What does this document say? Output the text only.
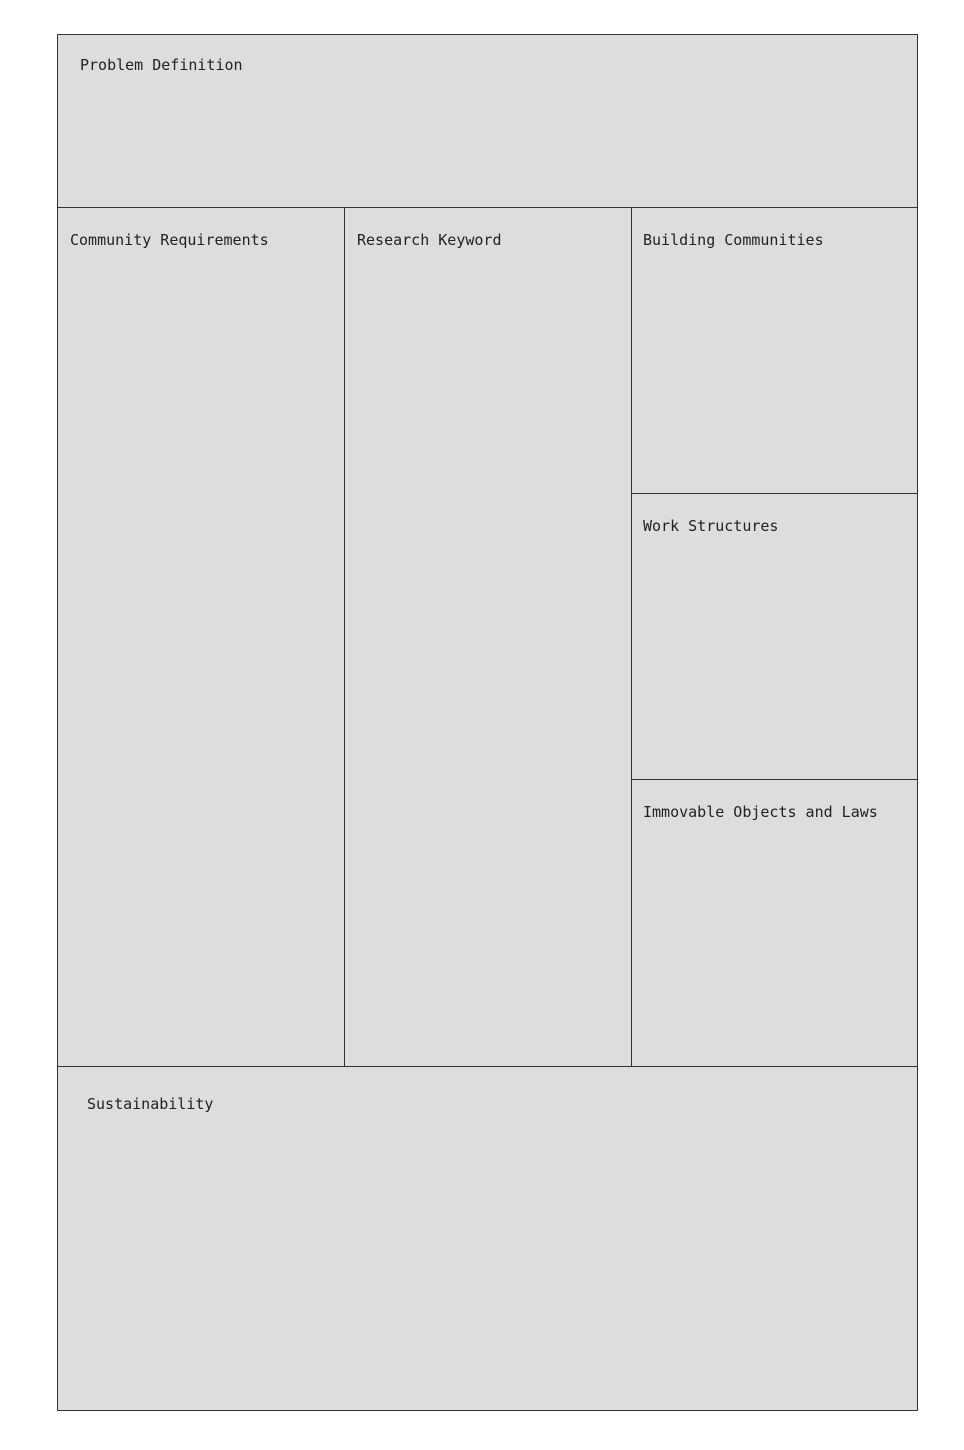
Problem Definition
Community Requirements	Research Keyword	Building Communities
Work Structures
Immovable Objects and Laws
Sustainability
